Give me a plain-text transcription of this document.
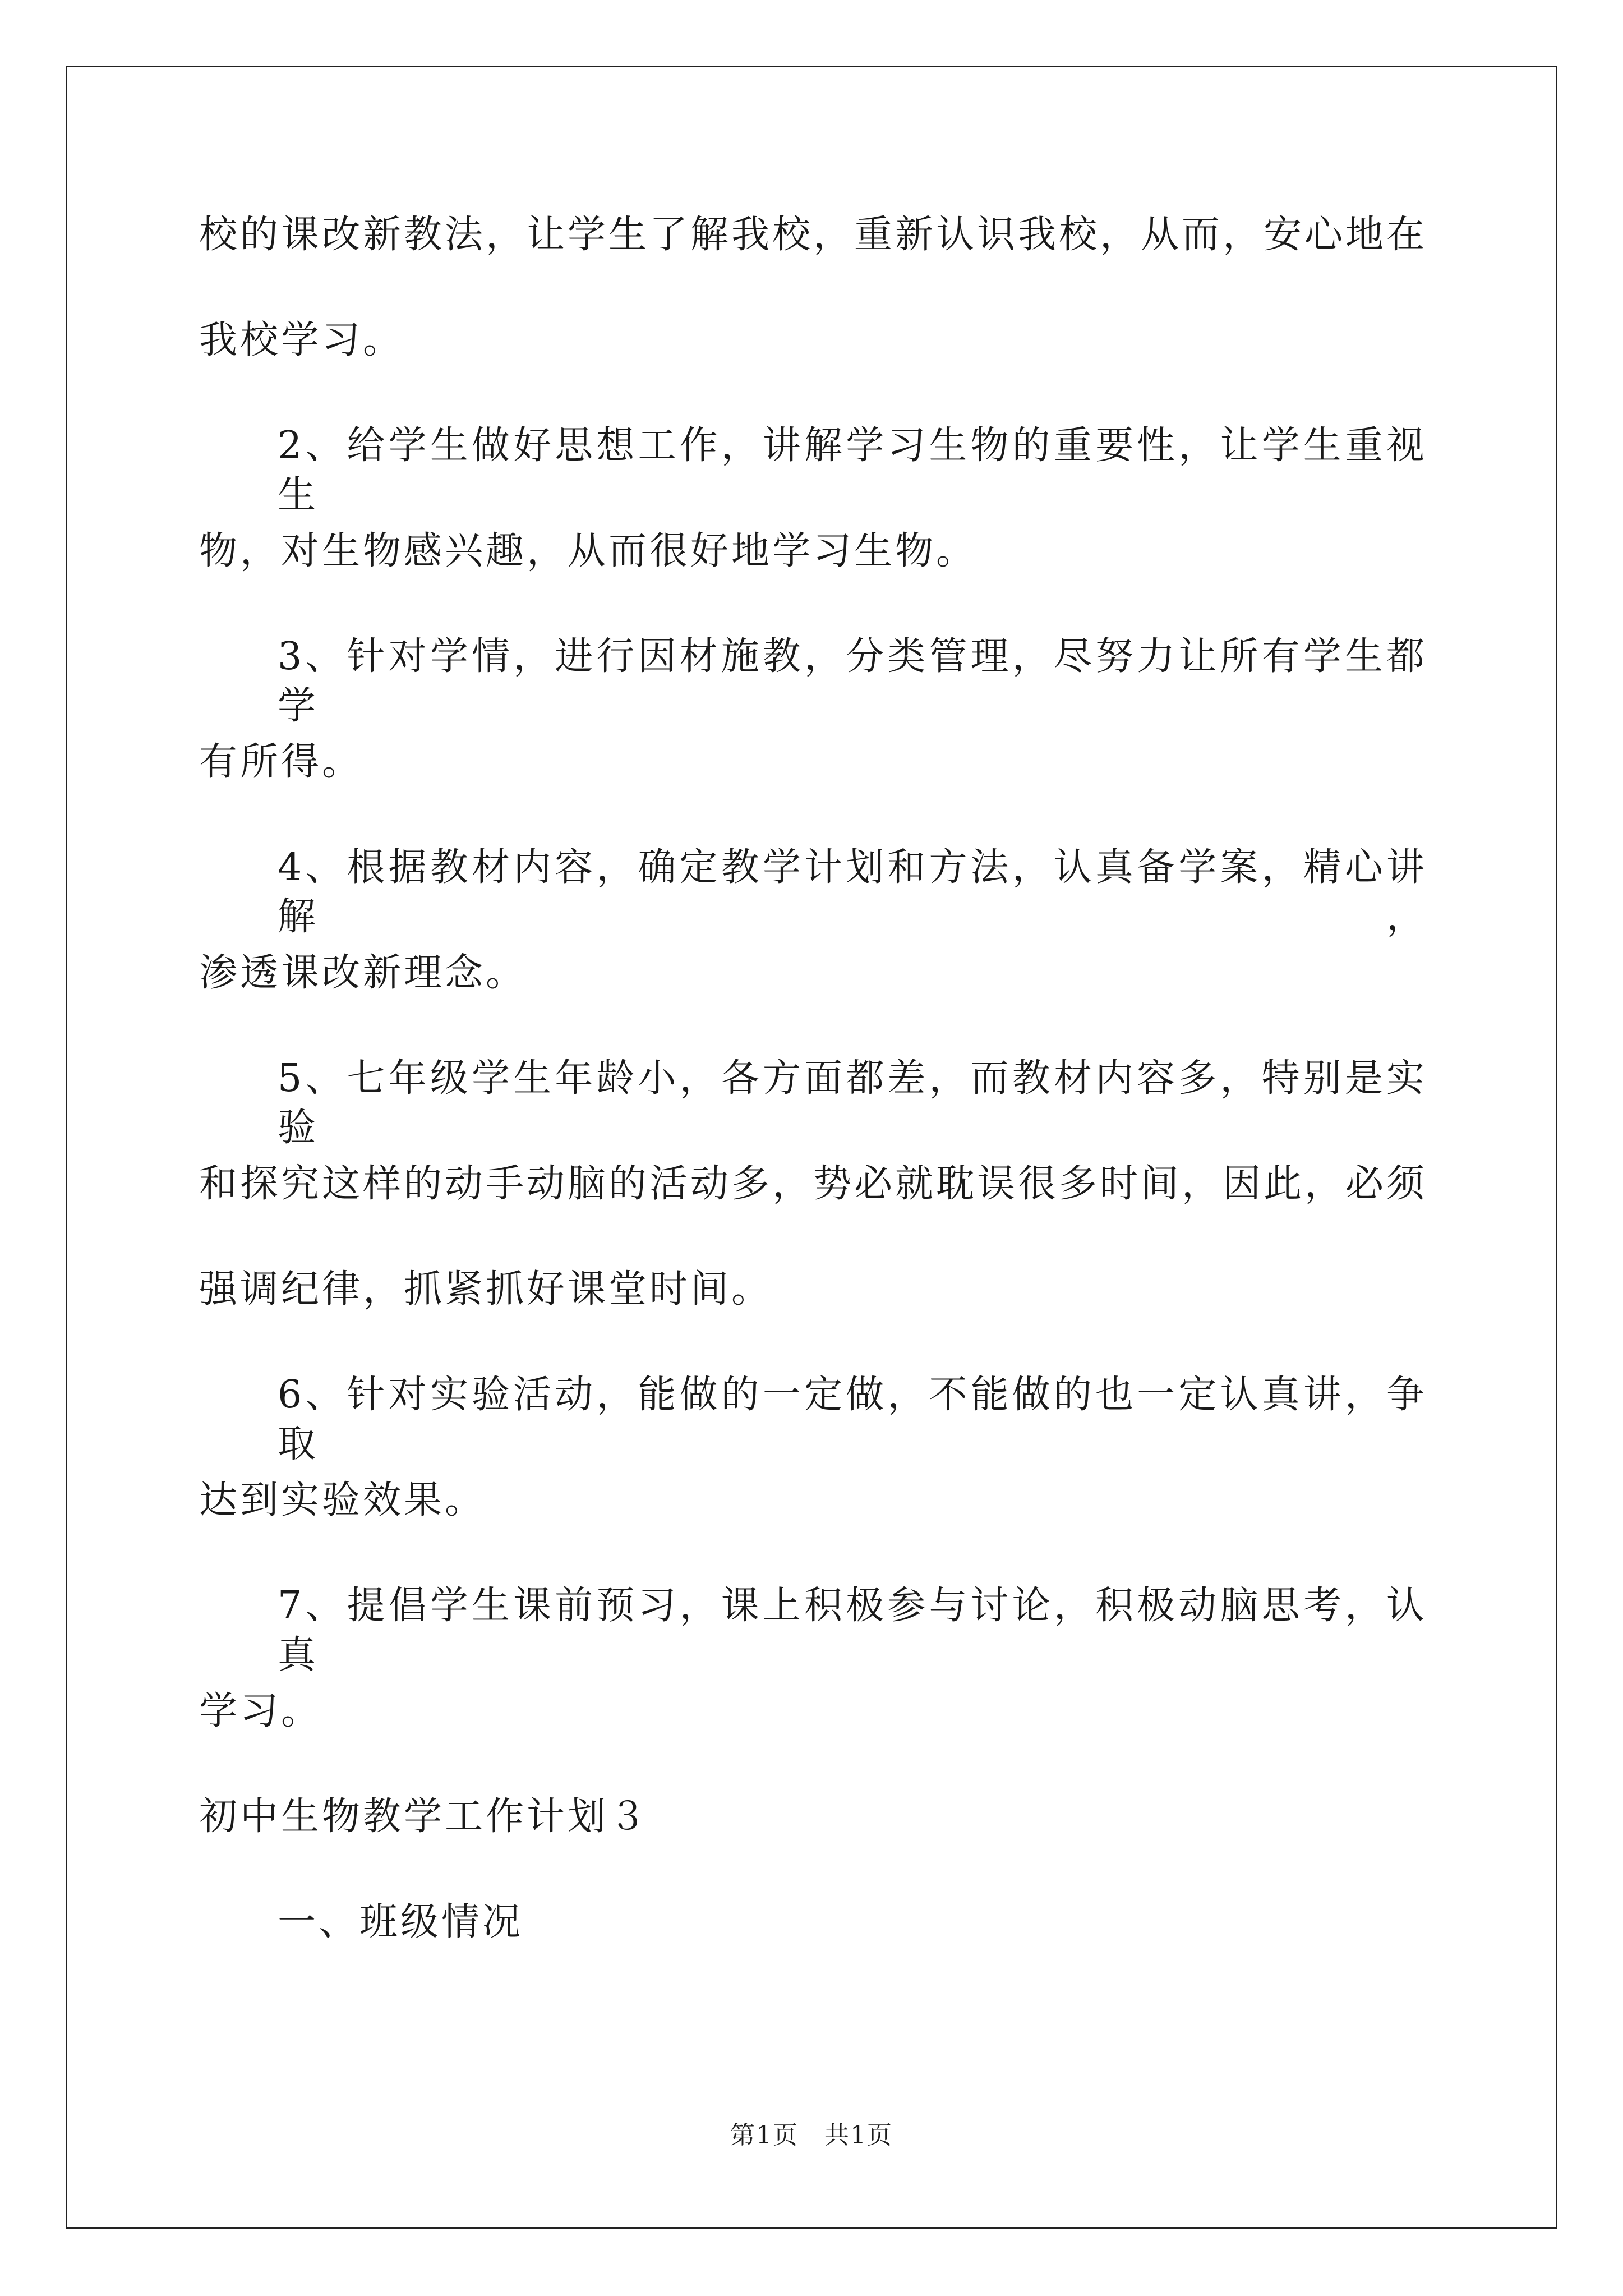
校的课改新教法，让学生了解我校，重新认识我校，从而，安心地在
我校学习。
2、给学生做好思想工作，讲解学习生物的重要性，让学生重视生
物，对生物感兴趣，从而很好地学习生物。
3、针对学情，进行因材施教，分类管理，尽努力让所有学生都学
有所得。
4、根据教材内容，确定教学计划和方法，认真备学案，精心讲解，
渗透课改新理念。
5、七年级学生年龄小，各方面都差，而教材内容多，特别是实验
和探究这样的动手动脑的活动多，势必就耽误很多时间，因此，必须
强调纪律，抓紧抓好课堂时间。
6、针对实验活动，能做的一定做，不能做的也一定认真讲，争取
达到实验效果。
7、提倡学生课前预习，课上积极参与讨论，积极动脑思考，认真
学习。
初中生物教学工作计划３
一、班级情况
第1页　共1页
